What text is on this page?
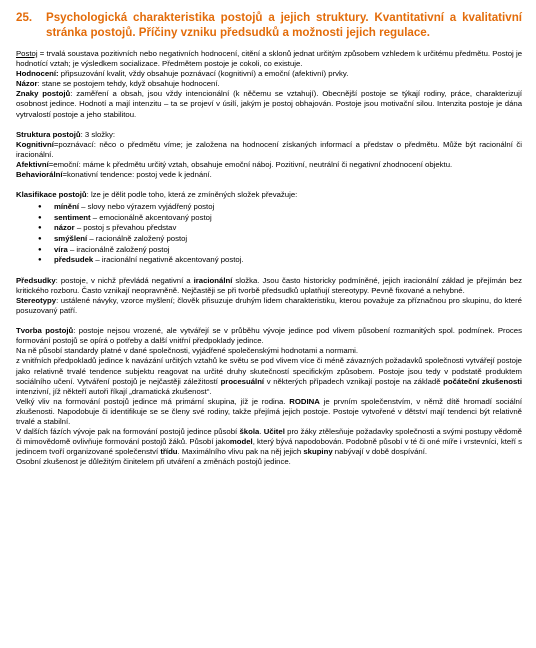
25.	Psychologická charakteristika postojů a jejich struktury. Kvantitativní a kvalitativní stránka postojů. Příčiny vzniku předsudků a možnosti jejich regulace.

Postoj = trvalá soustava pozitivních nebo negativních hodnocení, citění a sklonů jednat určitým způsobem vzhledem k určitému předmětu. Postoj je hodnotící vztah; je výsledkem socializace. Předmětem postoje je cokoli, co existuje.

Hodnocení: připsuzování kvalit, vždy obsahuje poznávací (kognitivní) a emoční (afektivní) prvky.

Názor: stane se postojem tehdy, když obsahuje hodnocení.

Znaky postojů: zaměření a obsah, jsou vždy intencionální (k něčemu se vztahují). Obecnější postoje se týkají rodiny, práce, charakterizují osobnost jedince. Hodnotí a mají intenzitu – ta se projeví v úsilí, jakým je postoj obhajován. Postoje jsou motivační silou. Intenzita postoje je dána vytrvalostí postoje a jeho stabilitou.

Struktura postojů: 3 složky:

Kognitivní=poznávací: něco o předmětu víme; je založena na hodnocení získaných informací a představ o předmětu. Může být racionální či iracionální.

Afektivní=emoční: máme k předmětu určitý vztah, obsahuje emoční náboj. Pozitivní, neutrální či negativní zhodnocení objektu.

Behaviorální=konativní tendence: postoj vede k jednání.

Klasifikace postojů: lze je dělit podle toho, která ze zmíněných složek převažuje:

● mínění – slovy nebo výrazem vyjádřený postoj
● sentiment – emocionálně akcentovaný postoj
● názor – postoj s převahou představ
● smýšlení – racionálně založený postoj
● víra – iracionálně založený postoj
● předsudek – iracionální negativně akcentovaný postoj.

Předsudky: postoje, v nichž převládá negativní a iracionální složka. Jsou často historicky podmíněné, jejich iracionální základ je přejímán bez kritického rozboru. Často vznikají neopravněně. Nejčastěji se při tvorbě předsudků uplatňují stereotypy. Pevně fixované a nehybné.

Stereotypy: ustálené návyky, vzorce myšlení; člověk přisuzuje druhým lidem charakteristiku, kterou považuje za příznačnou pro skupinu, do které posuzovaný patří.

Tvorba postojů: postoje nejsou vrozené, ale vytvářejí se v průběhu vývoje jedince pod vlivem působení rozmanitých spol. podmínek. Proces formování postojů se opírá o potřeby a další vnitřní předpoklady jedince.

Na ně působí standardy platné v dané společnosti, vyjádřené společenskými hodnotami a normami.

z vnitřních předpokladů jedince k navázání určitých vztahů ke světu se pod vlivem více či méně závazných požadavků společnosti vytvářejí postoje jako relativně trvalé tendence subjektu reagovat na určité druhy skutečností specifickým způsobem. Postoje jsou tedy v podstatě produktem sociálního učení. Vytváření postojů je nejčastěji záležitostí procesuální v některých případech vznikají postoje na základě počáteční zkušenosti intenzivní, jíž někteří autoři říkají „dramatická zkušenost“.

Velký vliv na formování postojů jedince má primární skupina, jíž je rodina. RODINA je prvním společenstvím, v němž dítě hromadí sociální zkušenosti. Napodobuje či identifikuje se se členy své rodiny, takže přejímá jejich postoje. Postoje vytvořené v dětství mají tendenci být relativně trvalé a stabilní.

V dalších fázích vývoje pak na formování postojů jedince působí škola. Učitel pro žáky ztělesňuje požadavky společnosti a svými postupy vědomě či mimovědomě ovlivňuje formování postojů žáků. Působí jakomodel, který bývá napodobován. Podobně působí v té či oné míře i vrstevníci, kteří s jedincem tvoří organizované společenství třídu. Maximálního vlivu pak na něj jejich skupiny nabývají v době dospívání.

Osobní zkušenost je důležitým činitelem při utváření a změnách postojů jedince.
